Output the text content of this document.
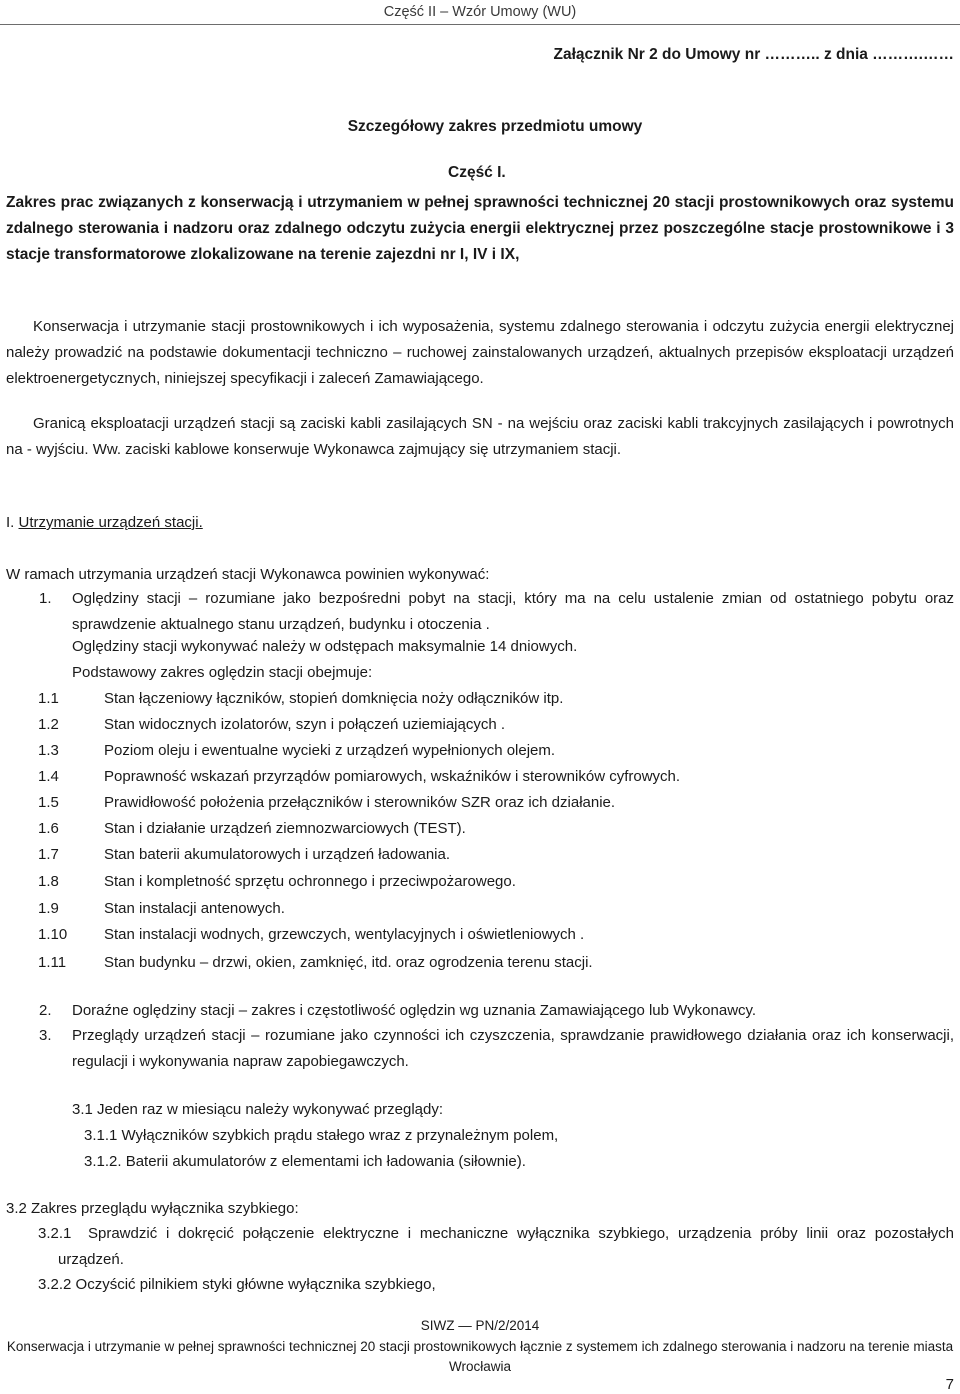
Część II – Wzór Umowy (WU)
Załącznik Nr 2 do Umowy nr ……….. z dnia ……….……
Szczegółowy zakres przedmiotu umowy
Część I.
Zakres prac związanych z konserwacją i utrzymaniem w pełnej sprawności technicznej 20 stacji prostownikowych oraz systemu zdalnego sterowania i nadzoru oraz zdalnego odczytu zużycia energii elektrycznej przez poszczególne stacje prostownikowe i 3 stacje transformatorowe zlokalizowane na terenie zajezdni nr I, IV i IX,
Konserwacja i utrzymanie stacji prostownikowych i ich wyposażenia, systemu zdalnego sterowania i odczytu zużycia energii elektrycznej należy prowadzić na podstawie dokumentacji techniczno – ruchowej zainstalowanych urządzeń, aktualnych przepisów eksploatacji urządzeń elektroenergetycznych, niniejszej specyfikacji i zaleceń Zamawiającego.
Granicą eksploatacji urządzeń stacji są zaciski kabli zasilających SN - na wejściu oraz zaciski kabli trakcyjnych zasilających i powrotnych na - wyjściu. Ww. zaciski kablowe konserwuje Wykonawca zajmujący się utrzymaniem stacji.
I. Utrzymanie urządzeń stacji.
W ramach utrzymania urządzeń stacji Wykonawca powinien wykonywać:
1. Oględziny stacji – rozumiane jako bezpośredni pobyt na stacji, który ma na celu ustalenie zmian od ostatniego pobytu oraz sprawdzenie aktualnego stanu urządzeń, budynku i otoczenia .
Oględziny stacji wykonywać należy w odstępach maksymalnie 14 dniowych.
Podstawowy zakres oględzin stacji obejmuje:
1.1	Stan łączeniowy łączników, stopień domknięcia noży odłączników itp.
1.2	Stan widocznych izolatorów, szyn i połączeń uziemiających .
1.3	Poziom oleju i ewentualne wycieki z urządzeń wypełnionych olejem.
1.4	Poprawność wskazań przyrządów pomiarowych, wskaźników i sterowników cyfrowych.
1.5	Prawidłowość położenia przełączników i sterowników SZR oraz ich działanie.
1.6	Stan i działanie urządzeń ziemnozwarciowych (TEST).
1.7	Stan baterii akumulatorowych i urządzeń ładowania.
1.8	Stan i kompletność sprzętu ochronnego i przeciwpożarowego.
1.9	Stan instalacji antenowych.
1.10 Stan instalacji wodnych, grzewczych, wentylacyjnych i oświetleniowych .
1.11	Stan budynku – drzwi, okien, zamknięć, itd. oraz ogrodzenia terenu stacji.
2. Doraźne oględziny stacji – zakres i częstotliwość oględzin wg uznania Zamawiającego lub Wykonawcy.
3. Przeglądy urządzeń stacji – rozumiane jako czynności ich czyszczenia, sprawdzanie prawidłowego działania oraz ich konserwacji, regulacji i wykonywania napraw zapobiegawczych.
3.1 Jeden raz w miesiącu należy wykonywać przeglądy:
3.1.1 Wyłączników szybkich prądu stałego wraz z przynależnym polem,
3.1.2. Baterii akumulatorów z elementami ich ładowania (siłownie).
3.2 Zakres przeglądu wyłącznika szybkiego:
3.2.1	Sprawdzić i dokręcić połączenie elektryczne i mechaniczne wyłącznika szybkiego, urządzenia próby linii oraz pozostałych urządzeń.
3.2.2 Oczyścić pilnikiem styki główne wyłącznika szybkiego,
SIWZ — PN/2/2014
Konserwacja i utrzymanie w pełnej sprawności technicznej 20 stacji prostownikowych łącznie z systemem ich zdalnego sterowania i nadzoru na terenie miasta Wrocławia
7
